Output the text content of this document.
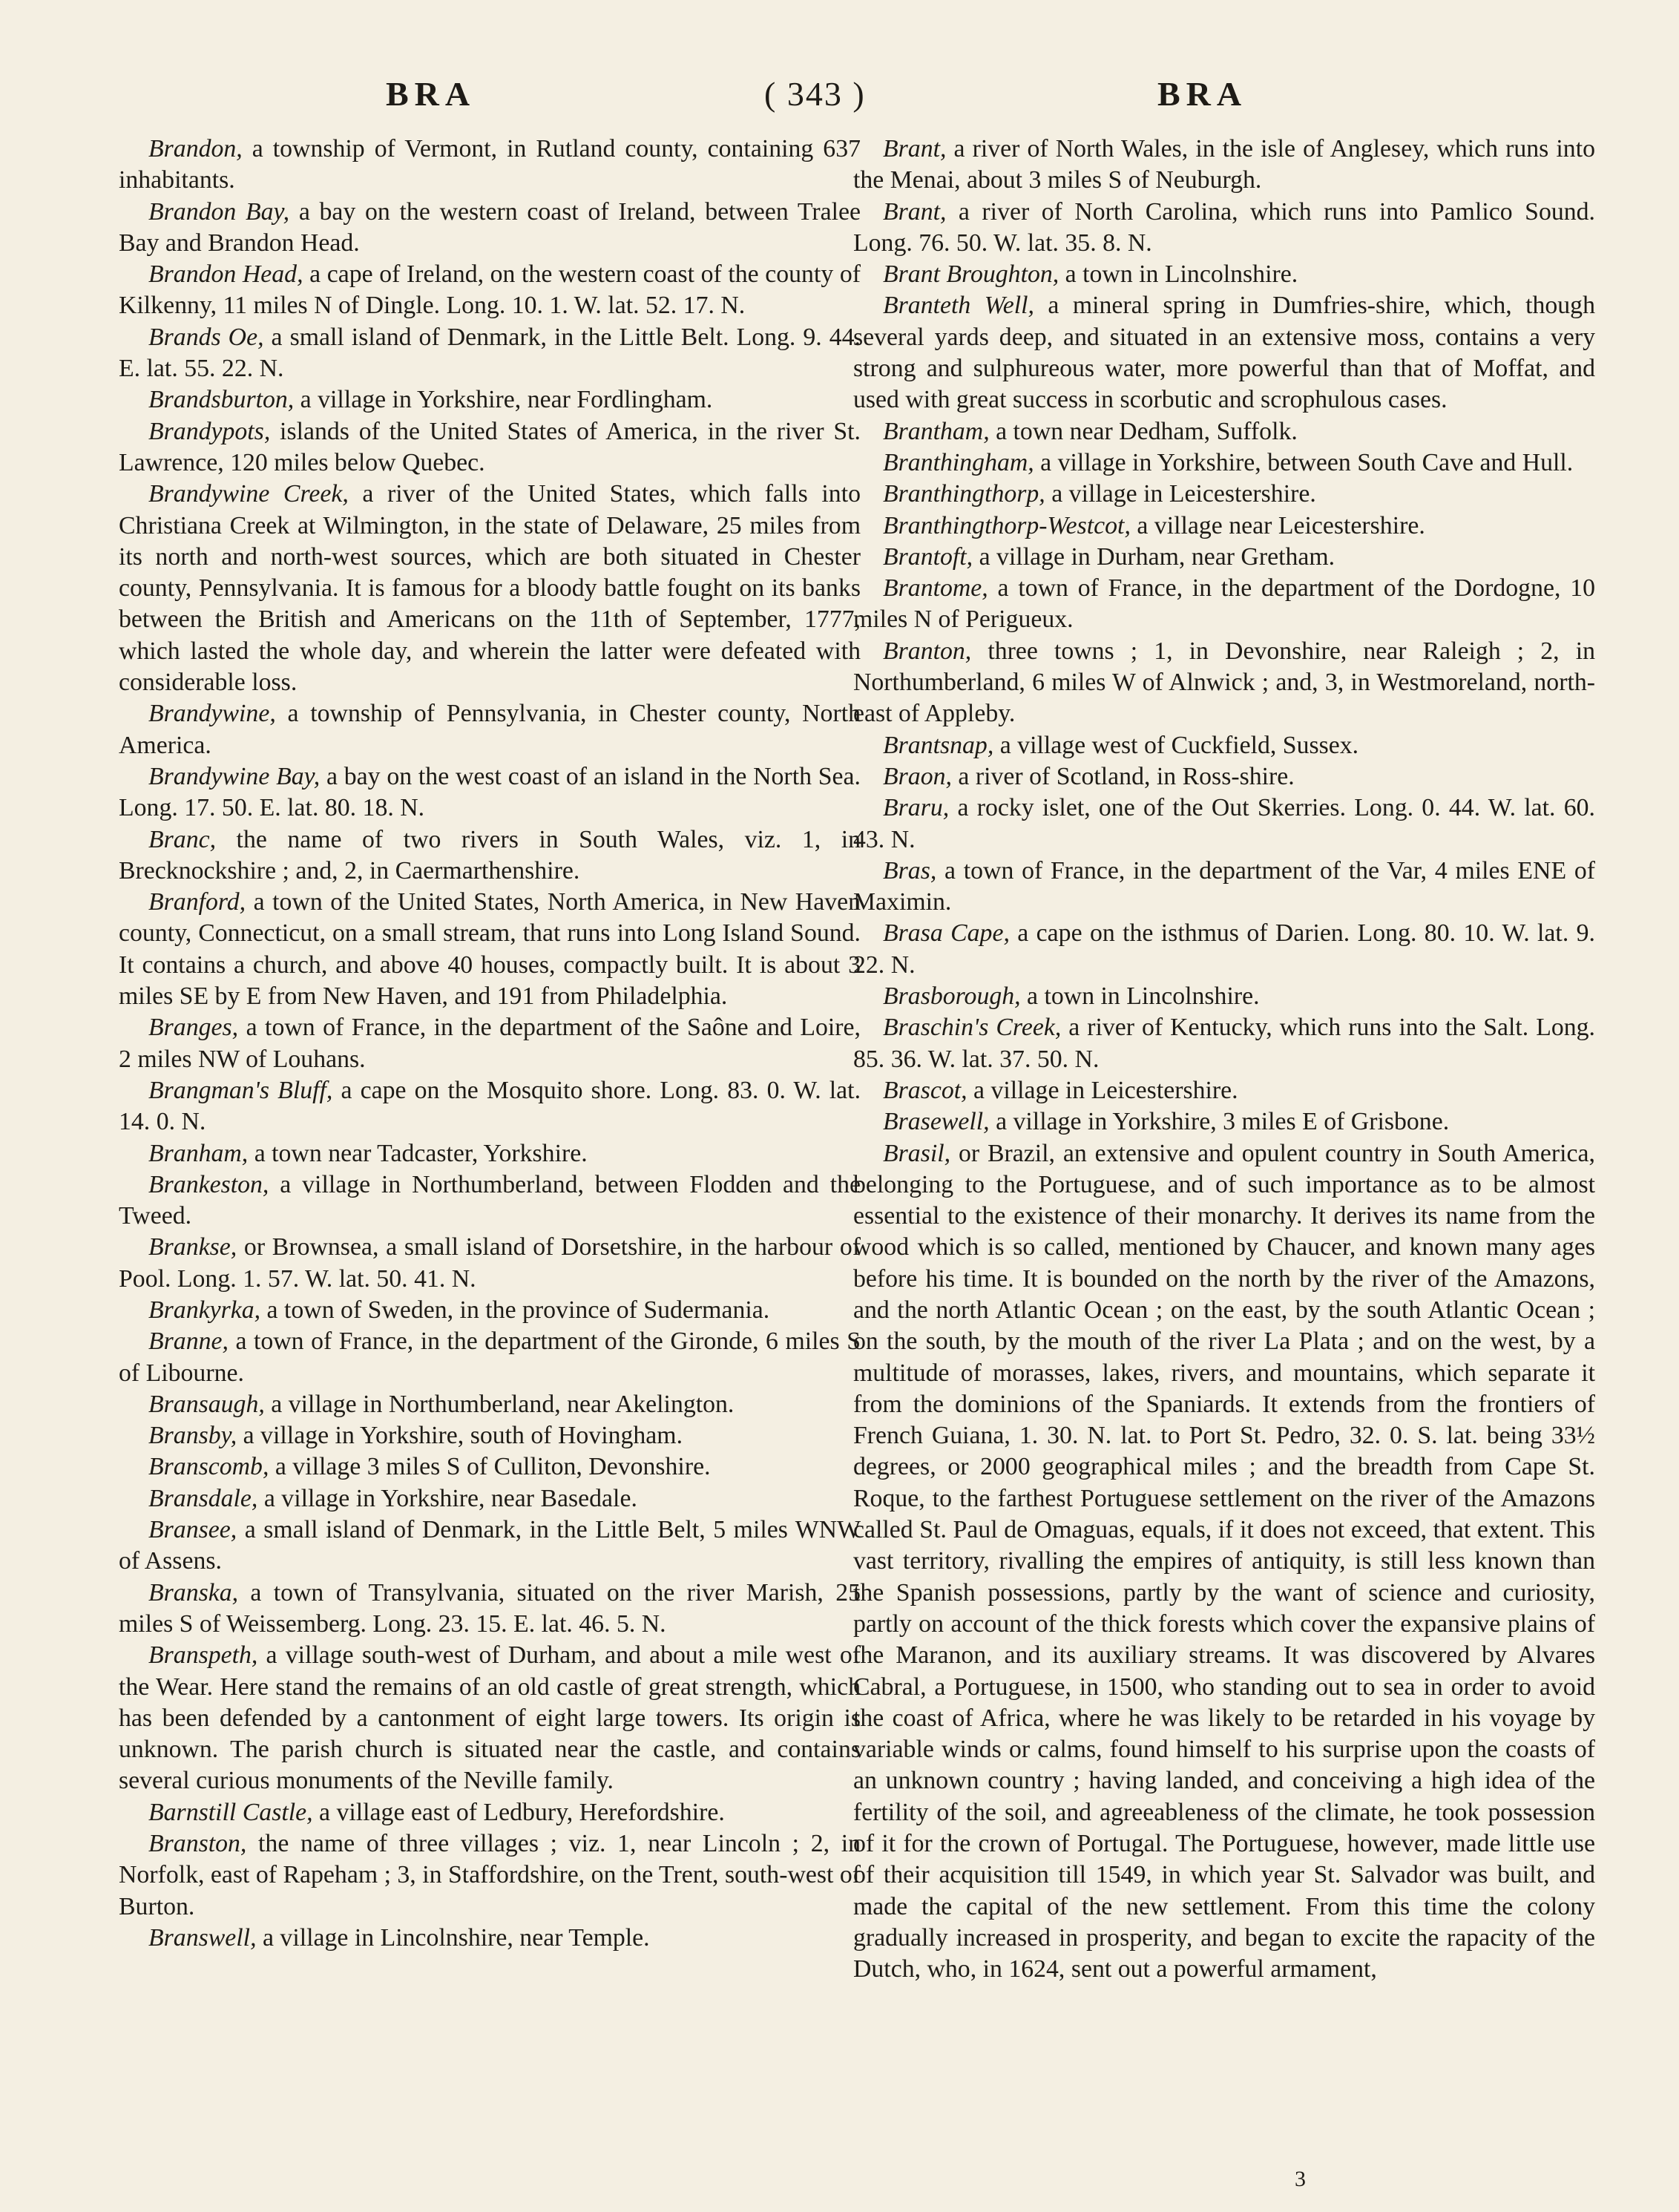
BRA	( 343 )	BRA

Brandon, a township of Vermont, in Rutland county, containing 637 inhabitants.

Brandon Bay, a bay on the western coast of Ireland, between Tralee Bay and Brandon Head.

Brandon Head, a cape of Ireland, on the western coast of the county of Kilkenny, 11 miles N of Dingle. Long. 10. 1. W. lat. 52. 17. N.

Brands Oe, a small island of Denmark, in the Little Belt. Long. 9. 44. E. lat. 55. 22. N.

Brandsburton, a village in Yorkshire, near Fordlingham.

Brandypots, islands of the United States of America, in the river St. Lawrence, 120 miles below Quebec.

Brandywine Creek, a river of the United States, which falls into Christiana Creek at Wilmington, in the state of Delaware, 25 miles from its north and north-west sources, which are both situated in Chester county, Pennsylvania. It is famous for a bloody battle fought on its banks between the British and Americans on the 11th of September, 1777, which lasted the whole day, and wherein the latter were defeated with considerable loss.

Brandywine, a township of Pennsylvania, in Chester county, North America.

Brandywine Bay, a bay on the west coast of an island in the North Sea. Long. 17. 50. E. lat. 80. 18. N.

Branc, the name of two rivers in South Wales, viz. 1, in Brecknockshire ; and, 2, in Caermarthenshire.

Branford, a town of the United States, North America, in New Haven county, Connecticut, on a small stream, that runs into Long Island Sound. It contains a church, and above 40 houses, compactly built. It is about 3 miles SE by E from New Haven, and 191 from Philadelphia.

Branges, a town of France, in the department of the Saône and Loire, 2 miles NW of Louhans.

Brangman's Bluff, a cape on the Mosquito shore. Long. 83. 0. W. lat. 14. 0. N.

Branham, a town near Tadcaster, Yorkshire.

Brankeston, a village in Northumberland, between Flodden and the Tweed.

Brankse, or Brownsea, a small island of Dorsetshire, in the harbour of Pool. Long. 1. 57. W. lat. 50. 41. N.

Brankyrka, a town of Sweden, in the province of Sudermania.

Branne, a town of France, in the department of the Gironde, 6 miles S of Libourne.

Bransaugh, a village in Northumberland, near Akelington.

Bransby, a village in Yorkshire, south of Hovingham.

Branscomb, a village 3 miles S of Culliton, Devonshire.

Bransdale, a village in Yorkshire, near Basedale.

Bransee, a small island of Denmark, in the Little Belt, 5 miles WNW of Assens.

Branska, a town of Transylvania, situated on the river Marish, 25 miles S of Weissemberg. Long. 23. 15. E. lat. 46. 5. N.

Branspeth, a village south-west of Durham, and about a mile west of the Wear. Here stand the remains of an old castle of great strength, which has been defended by a cantonment of eight large towers. Its origin is unknown. The parish church is situated near the castle, and contains several curious monuments of the Neville family.

Barnstill Castle, a village east of Ledbury, Herefordshire.

Branston, the name of three villages ; viz. 1, near Lincoln ; 2, in Norfolk, east of Rapeham ; 3, in Staffordshire, on the Trent, south-west of Burton.

Branswell, a village in Lincolnshire, near Temple.

Brant, a river of North Wales, in the isle of Anglesey, which runs into the Menai, about 3 miles S of Neuburgh.

Brant, a river of North Carolina, which runs into Pamlico Sound. Long. 76. 50. W. lat. 35. 8. N.

Brant Broughton, a town in Lincolnshire.

Branteth Well, a mineral spring in Dumfries-shire, which, though several yards deep, and situated in an extensive moss, contains a very strong and sulphureous water, more powerful than that of Moffat, and used with great success in scorbutic and scrophulous cases.

Brantham, a town near Dedham, Suffolk.

Branthingham, a village in Yorkshire, between South Cave and Hull.

Branthingthorp, a village in Leicestershire.

Branthingthorp-Westcot, a village near Leicestershire.

Brantoft, a village in Durham, near Gretham.

Brantome, a town of France, in the department of the Dordogne, 10 miles N of Perigueux.

Branton, three towns ; 1, in Devonshire, near Raleigh ; 2, in Northumberland, 6 miles W of Alnwick ; and, 3, in Westmoreland, north-east of Appleby.

Brantsnap, a village west of Cuckfield, Sussex.

Braon, a river of Scotland, in Ross-shire.

Braru, a rocky islet, one of the Out Skerries. Long. 0. 44. W. lat. 60. 43. N.

Bras, a town of France, in the department of the Var, 4 miles ENE of Maximin.

Brasa Cape, a cape on the isthmus of Darien. Long. 80. 10. W. lat. 9. 22. N.

Brasborough, a town in Lincolnshire.

Braschin's Creek, a river of Kentucky, which runs into the Salt. Long. 85. 36. W. lat. 37. 50. N.

Brascot, a village in Leicestershire.

Brasewell, a village in Yorkshire, 3 miles E of Grisbone.

Brasil, or Brazil, an extensive and opulent country in South America, belonging to the Portuguese, and of such importance as to be almost essential to the existence of their monarchy. It derives its name from the wood which is so called, mentioned by Chaucer, and known many ages before his time. It is bounded on the north by the river of the Amazons, and the north Atlantic Ocean ; on the east, by the south Atlantic Ocean ; on the south, by the mouth of the river La Plata ; and on the west, by a multitude of morasses, lakes, rivers, and mountains, which separate it from the dominions of the Spaniards. It extends from the frontiers of French Guiana, 1. 30. N. lat. to Port St. Pedro, 32. 0. S. lat. being 33½ degrees, or 2000 geographical miles ; and the breadth from Cape St. Roque, to the farthest Portuguese settlement on the river of the Amazons called St. Paul de Omaguas, equals, if it does not exceed, that extent. This vast territory, rivalling the empires of antiquity, is still less known than the Spanish possessions, partly by the want of science and curiosity, partly on account of the thick forests which cover the expansive plains of the Maranon, and its auxiliary streams. It was discovered by Alvares Cabral, a Portuguese, in 1500, who standing out to sea in order to avoid the coast of Africa, where he was likely to be retarded in his voyage by variable winds or calms, found himself to his surprise upon the coasts of an unknown country ; having landed, and conceiving a high idea of the fertility of the soil, and agreeableness of the climate, he took possession of it for the crown of Portugal. The Portuguese, however, made little use of their acquisition till 1549, in which year St. Salvador was built, and made the capital of the new settlement. From this time the colony gradually increased in prosperity, and began to excite the rapacity of the Dutch, who, in 1624, sent out a powerful armament,

3
